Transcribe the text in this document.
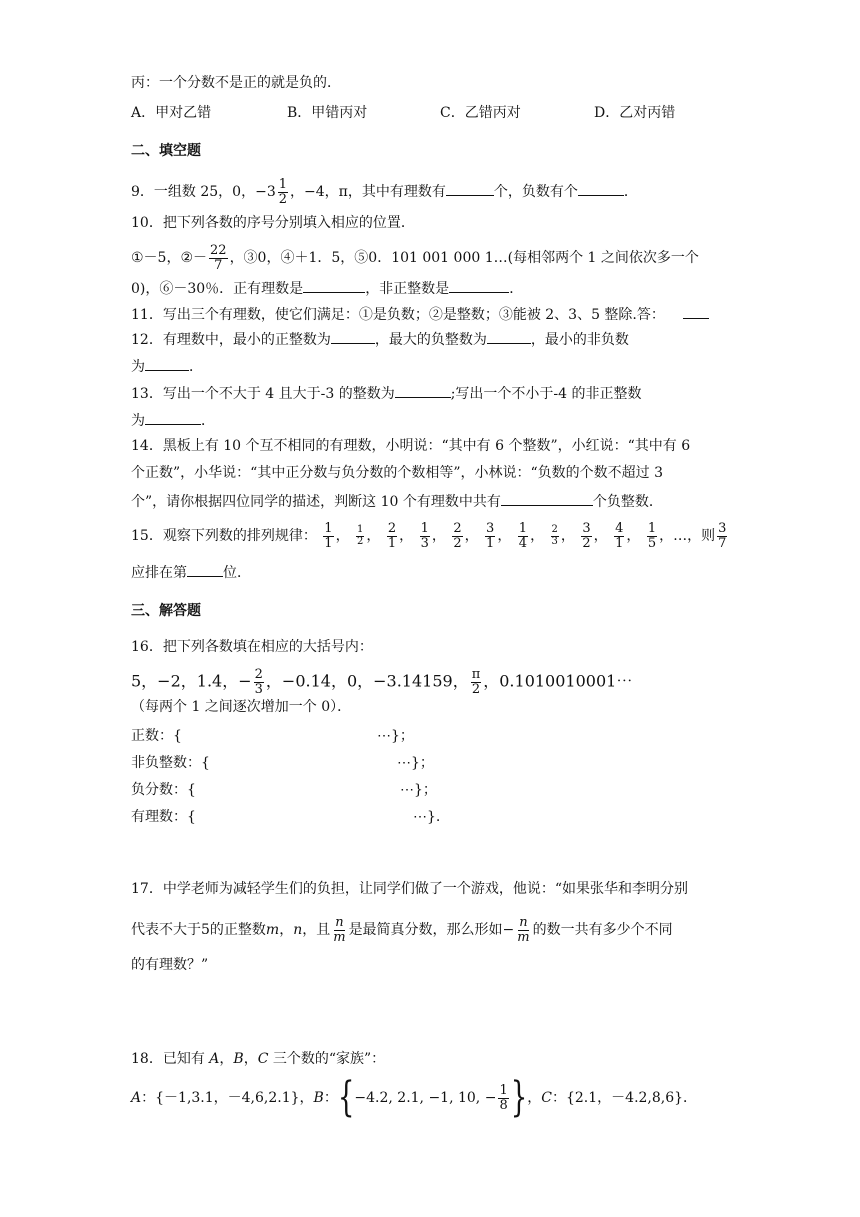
丙：一个分数不是正的就是负的．
A．甲对乙错	B．甲错丙对	C．乙错丙对	D．乙对丙错
二、填空题
9．一组数 25，0，$-3 \frac{1}{2}$ ，−4，π，其中有理数有	个，负数有个	．
10．把下列各数的序号分别填入相应的位置．
①－5，②－ $\frac{22}{7}$ ，③0，④＋1．5，⑤0．101 001 000 1…(每相邻两个 1 之间依次多一个
0)，⑥－30％．正有理数是	，非正整数是	．
11．写出三个有理数，使它们满足：①是负数；②是整数；③能被 2、3、5 整除.答：
12．有理数中，最小的正整数为	，最大的负整数为	，最小的非负数
为	．
13．写出一个不大于 4 且大于-3 的整数为	;写出一个不小于-4 的非正整数
为	．
14．黑板上有 10 个互不相同的有理数，小明说：“其中有 6 个整数”，小红说：“其中有 6
个正数”，小华说：“其中正分数与负分数的个数相等”，小林说：“负数的个数不超过 3
个”，请你根据四位同学的描述，判断这 10 个有理数中共有	个负整数．
15．观察下列数的排列规律： $\frac{1}{1}$ ， $\frac{1}{2}$ ， $\frac{2}{1}$ ， $\frac{1}{3}$ ， $\frac{2}{2}$ ， $\frac{3}{1}$ ， $\frac{1}{4}$ ， $\frac{2}{3}$ ， $\frac{3}{2}$ ， $\frac{4}{1}$ ， $\frac{1}{5}$ ，…，则 $\frac{3}{7}$
应排在第	位．
三、解答题
16．把下列各数填在相应的大括号内：
5，−2，1.4，− $\frac{2}{3}$ ，−0.14̇，0，−3.14159， $\frac{\pi}{2}$ ，0.1010010001⋯
（每两个 1 之间逐次增加一个 0）．
正数：{	⋯}；
非负整数：{	⋯}；
负分数：{	⋯}；
有理数：{	⋯}.
17．中学老师为减轻学生们的负担，让同学们做了一个游戏，他说：“如果张华和李明分别
代表不大于5的正整数m，n，且 $\frac{n}{m}$ 是最简真分数，那么形如− $\frac{n}{m}$ 的数一共有多少个不同
的有理数？”
18．已知有 A，B，C 三个数的“家族”：
A：{－1,3.1，－4,6,2.1}，B：{−4.2, 2.1, −1, 10, − $\frac{1}{8}$ }，C：{2.1，－4.2,8,6}．
